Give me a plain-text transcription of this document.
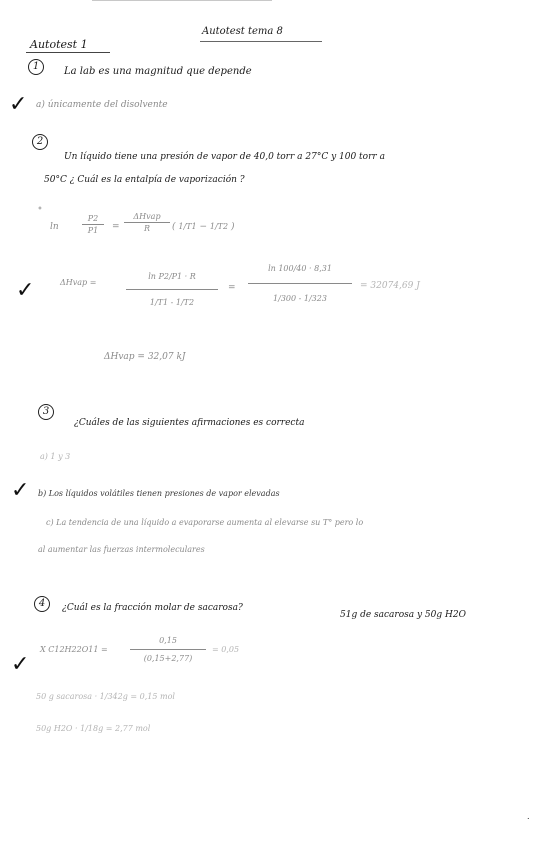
Autotest tema 8
Autotest 1
1	La lab es una magnitud que depende
✓ a) únicamente del disolvente
2
Un líquido tiene una presión de vapor de 40,0 torr a 27°C y 100 torr a
50°C ¿ Cuál es la entalpía de vaporización ?
•
ln
P2
P1	=
ΔHvap
R	( 1/T1 − 1/T2 )
✓	ΔHvap =
ln P2/P1 · R
1/T1 - 1/T2
=
ln 100/40 · 8,31
1/300 - 1/323
= 32074,69 J
ΔHvap = 32,07 kJ
3
¿Cuáles de las siguientes afirmaciones es correcta
a) 1 y 3
✓ b) Los líquidos volátiles tienen presiones de vapor elevadas
c) La tendencia de una líquido a evaporarse aumenta al elevarse su T° pero lo
al aumentar las fuerzas intermoleculares
4	¿Cuál es la fracción molar de sacarosa?
51g de sacarosa y 50g H2O
X C12H22O11 =
0,15
(0,15+2,77)
= 0,05
✓
50 g sacarosa · 1/342g = 0,15 mol
50g H2O · 1/18g = 2,77 mol
.
